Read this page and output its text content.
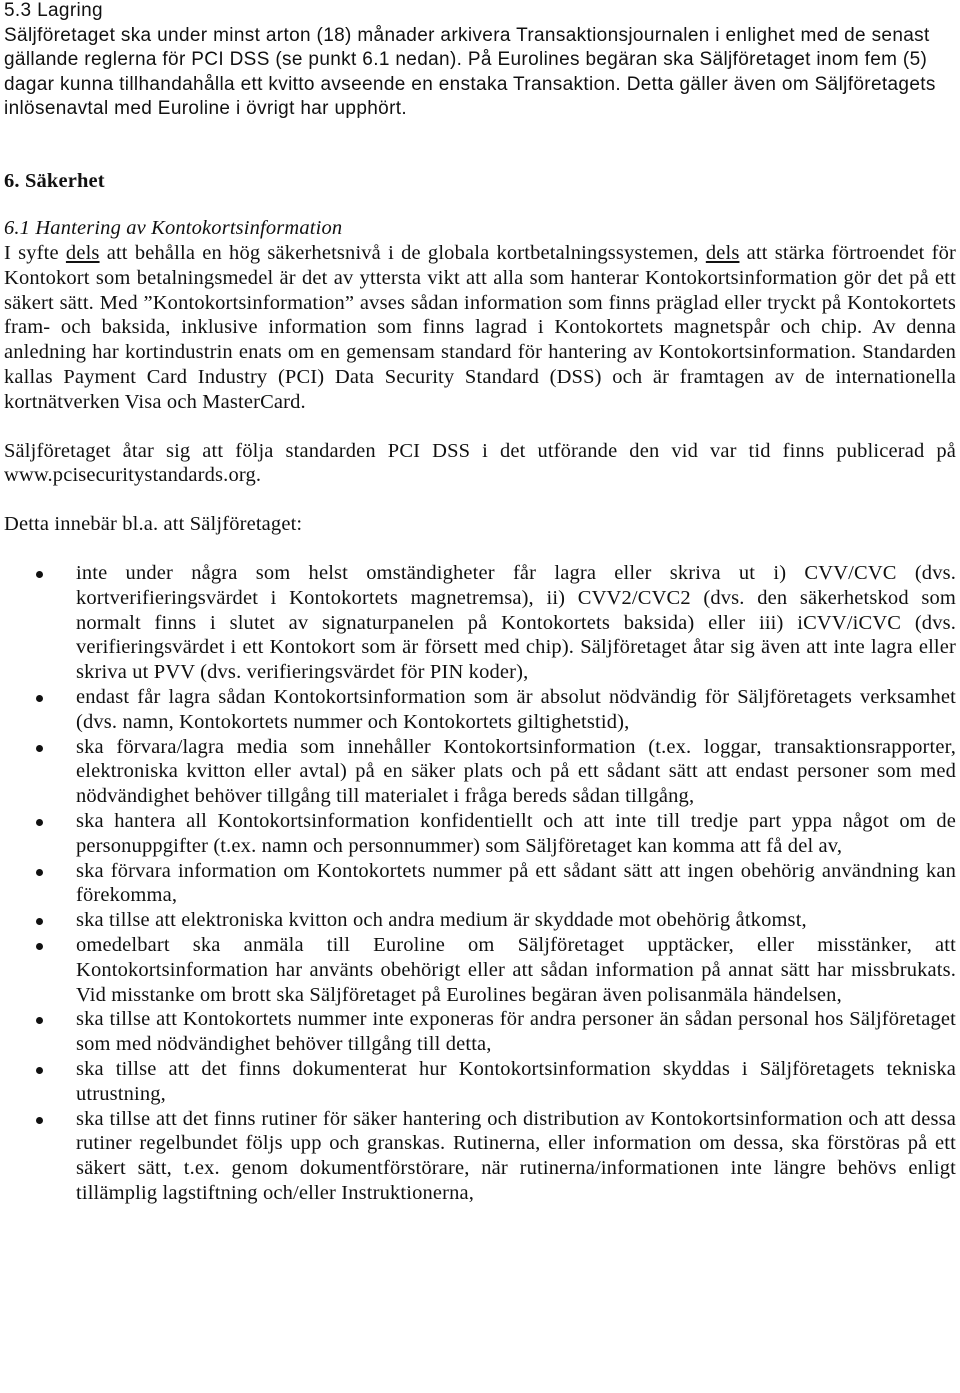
5.3 Lagring

Säljföretaget ska under minst arton (18) månader arkivera Transaktionsjournalen i enlighet med de senast gällande reglerna för PCI DSS (se punkt 6.1 nedan). På Eurolines begäran ska Säljföretaget inom fem (5) dagar kunna tillhandahålla ett kvitto avseende en enstaka Transaktion. Detta gäller även om Säljföretagets inlösenavtal med Euroline i övrigt har upphört.

6. Säkerhet

6.1 Hantering av Kontokortsinformation

I syfte dels att behålla en hög säkerhetsnivå i de globala kortbetalningssystemen, dels att stärka förtroendet för Kontokort som betalningsmedel är det av yttersta vikt att alla som hanterar Kontokortsinformation gör det på ett säkert sätt. Med ”Kontokortsinformation” avses sådan information som finns präglad eller tryckt på Kontokortets fram- och baksida, inklusive information som finns lagrad i Kontokortets magnetspår och chip. Av denna anledning har kortindustrin enats om en gemensam standard för hantering av Kontokortsinformation. Standarden kallas Payment Card Industry (PCI) Data Security Standard (DSS) och är framtagen av de internationella kortnätverken Visa och MasterCard.

Säljföretaget åtar sig att följa standarden PCI DSS i det utförande den vid var tid finns publicerad på www.pcisecuritystandards.org.

Detta innebär bl.a. att Säljföretaget:

inte under några som helst omständigheter får lagra eller skriva ut i) CVV/CVC (dvs. kortverifieringsvärdet i Kontokortets magnetremsa), ii) CVV2/CVC2 (dvs. den säkerhetskod som normalt finns i slutet av signaturpanelen på Kontokortets baksida) eller iii) iCVV/iCVC (dvs. verifieringsvärdet i ett Kontokort som är försett med chip). Säljföretaget åtar sig även att inte lagra eller skriva ut PVV (dvs. verifieringsvärdet för PIN koder),
endast får lagra sådan Kontokortsinformation som är absolut nödvändig för Säljföretagets verksamhet (dvs. namn, Kontokortets nummer och Kontokortets giltighetstid),
ska förvara/lagra media som innehåller Kontokortsinformation (t.ex. loggar, transaktionsrapporter, elektroniska kvitton eller avtal) på en säker plats och på ett sådant sätt att endast personer som med nödvändighet behöver tillgång till materialet i fråga bereds sådan tillgång,
ska hantera all Kontokortsinformation konfidentiellt och att inte till tredje part yppa något om de personuppgifter (t.ex. namn och personnummer) som Säljföretaget kan komma att få del av,
ska förvara information om Kontokortets nummer på ett sådant sätt att ingen obehörig användning kan förekomma,
ska tillse att elektroniska kvitton och andra medium är skyddade mot obehörig åtkomst,
omedelbart ska anmäla till Euroline om Säljföretaget upptäcker, eller misstänker, att Kontokortsinformation har använts obehörigt eller att sådan information på annat sätt har missbrukats. Vid misstanke om brott ska Säljföretaget på Eurolines begäran även polisanmäla händelsen,
ska tillse att Kontokortets nummer inte exponeras för andra personer än sådan personal hos Säljföretaget som med nödvändighet behöver tillgång till detta,
ska tillse att det finns dokumenterat hur Kontokortsinformation skyddas i Säljföretagets tekniska utrustning,
ska tillse att det finns rutiner för säker hantering och distribution av Kontokortsinformation och att dessa rutiner regelbundet följs upp och granskas. Rutinerna, eller information om dessa, ska förstöras på ett säkert sätt, t.ex. genom dokumentförstörare, när rutinerna/informationen inte längre behövs enligt tillämplig lagstiftning och/eller Instruktionerna,
